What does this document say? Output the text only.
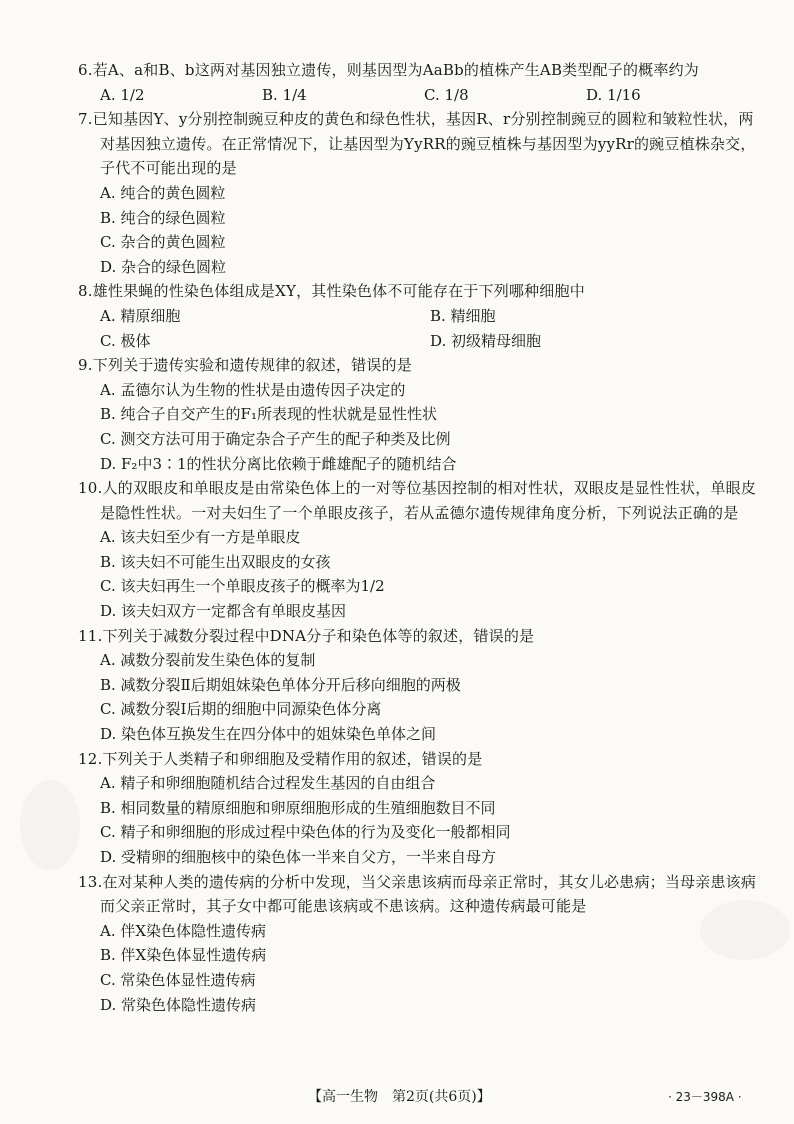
6.若A、a和B、b这两对基因独立遗传，则基因型为AaBb的植株产生AB类型配子的概率约为

A. 1/2	B. 1/4	C. 1/8	D. 1/16

7.已知基因Y、y分别控制豌豆种皮的黄色和绿色性状，基因R、r分别控制豌豆的圆粒和皱粒性状，两对基因独立遗传。在正常情况下，让基因型为YyRR的豌豆植株与基因型为yyRr的豌豆植株杂交，子代不可能出现的是

A. 纯合的黄色圆粒

B. 纯合的绿色圆粒

C. 杂合的黄色圆粒

D. 杂合的绿色圆粒

8.雄性果蝇的性染色体组成是XY，其性染色体不可能存在于下列哪种细胞中

A. 精原细胞	B. 精细胞
C. 极体	D. 初级精母细胞

9.下列关于遗传实验和遗传规律的叙述，错误的是

A. 孟德尔认为生物的性状是由遗传因子决定的

B. 纯合子自交产生的F₁所表现的性状就是显性性状

C. 测交方法可用于确定杂合子产生的配子种类及比例

D. F₂中3∶1的性状分离比依赖于雌雄配子的随机结合

10.人的双眼皮和单眼皮是由常染色体上的一对等位基因控制的相对性状，双眼皮是显性性状，单眼皮是隐性性状。一对夫妇生了一个单眼皮孩子，若从孟德尔遗传规律角度分析，下列说法正确的是

A. 该夫妇至少有一方是单眼皮

B. 该夫妇不可能生出双眼皮的女孩

C. 该夫妇再生一个单眼皮孩子的概率为1/2

D. 该夫妇双方一定都含有单眼皮基因

11.下列关于减数分裂过程中DNA分子和染色体等的叙述，错误的是

A. 减数分裂前发生染色体的复制

B. 减数分裂Ⅱ后期姐妹染色单体分开后移向细胞的两极

C. 减数分裂Ⅰ后期的细胞中同源染色体分离

D. 染色体互换发生在四分体中的姐妹染色单体之间

12.下列关于人类精子和卵细胞及受精作用的叙述，错误的是

A. 精子和卵细胞随机结合过程发生基因的自由组合

B. 相同数量的精原细胞和卵原细胞形成的生殖细胞数目不同

C. 精子和卵细胞的形成过程中染色体的行为及变化一般都相同

D. 受精卵的细胞核中的染色体一半来自父方，一半来自母方

13.在对某种人类的遗传病的分析中发现，当父亲患该病而母亲正常时，其女儿必患病；当母亲患该病而父亲正常时，其子女中都可能患该病或不患该病。这种遗传病最可能是

A. 伴X染色体隐性遗传病

B. 伴X染色体显性遗传病

C. 常染色体显性遗传病

D. 常染色体隐性遗传病

【高一生物　第2页(共6页)】	· 23－398A ·
